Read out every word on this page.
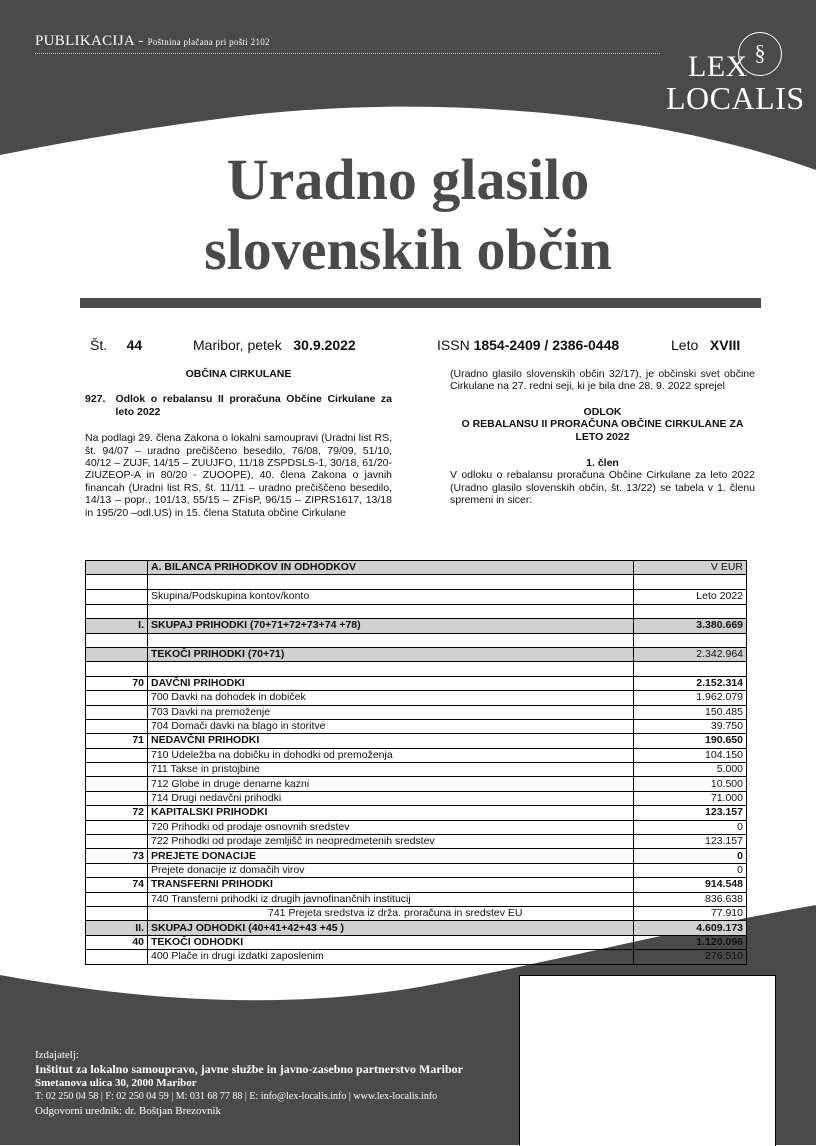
PUBLIKACIJA - Poštnina plačana pri pošti 2102	§
LEX
LOCALIS
Uradno glasilo
slovenskih občin
Št. 44	Maribor, petek 30.9.2022	ISSN 1854-2409 / 2386-0448	Leto XVIII

OBČINA CIRKULANE

927. Odlok o rebalansu II proračuna Občine Cirkulane za leto 2022

Na podlagi 29. člena Zakona o lokalni samoupravi (Uradni list RS, št. 94/07 – uradno prečiščeno besedilo, 76/08, 79/09, 51/10, 40/12 – ZUJF, 14/15 – ZUUJFO, 11/18 ZSPDSLS-1, 30/18, 61/20-ZIUZEOP-A in 80/20 - ZUOOPE), 40. člena Zakona o javnih financah (Uradni list RS, št. 11/11 – uradno prečiščeno besedilo, 14/13 – popr., 101/13, 55/15 – ZFisP, 96/15 – ZIPRS1617, 13/18 in 195/20 –odl.US) in 15. člena Statuta občine Cirkulane

(Uradno glasilo slovenskih občin 32/17), je občinski svet občine Cirkulane na 27. redni seji, ki je bila dne 28. 9. 2022 sprejel

ODLOK

O REBALANSU II PRORAČUNA OBČINE CIRKULANE ZA LETO 2022

1. člen

V odloku o rebalansu proračuna Občine Cirkulane za leto 2022 (Uradno glasilo slovenskih občin, št. 13/22) se tabela v 1. členu spremeni in sicer:

	A. BILANCA PRIHODKOV IN ODHODKOV	V EUR

	Skupina/Podskupina kontov/konto	Leto 2022

I.	SKUPAJ PRIHODKI (70+71+72+73+74 +78)	3.380.669

	TEKOČI PRIHODKI (70+71)	2.342.964

70	DAVČNI PRIHODKI	2.152.314
	700 Davki na dohodek in dobiček	1.962.079
	703 Davki na premoženje	150.485
	704 Domači davki na blago in storitve	39.750
71	NEDAVČNI PRIHODKI	190.650
	710 Udeležba na dobičku in dohodki od premoženja	104.150
	711 Takse in pristojbine	5.000
	712 Globe in druge denarne kazni	10.500
	714 Drugi nedavčni prihodki	71.000
72	KAPITALSKI PRIHODKI	123.157
	720 Prihodki od prodaje osnovnih sredstev	0
	722 Prihodki od prodaje zemljišč in neopredmetenih sredstev	123.157
73	PREJETE DONACIJE	0
	Prejete donacije iz domačih virov	0
74	TRANSFERNI PRIHODKI	914.548
	740 Transferni prihodki iz drugih javnofinančnih institucij	836.638
	741 Prejeta sredstva iz drža. proračuna in sredstev EU	77.910
II.	SKUPAJ ODHODKI (40+41+42+43 +45 )	4.609.173
40	TEKOČI ODHODKI	1.120.096
	400 Plače in drugi izdatki zaposlenim	276.510
Izdajatelj:
Inštitut za lokalno samoupravo, javne službe in javno-zasebno partnerstvo Maribor
Smetanova ulica 30, 2000 Maribor
T: 02 250 04 58 | F: 02 250 04 59 | M: 031 68 77 88 | E: info@lex-localis.info | www.lex-localis.info
Odgovorni urednik: dr. Boštjan Brezovnik
